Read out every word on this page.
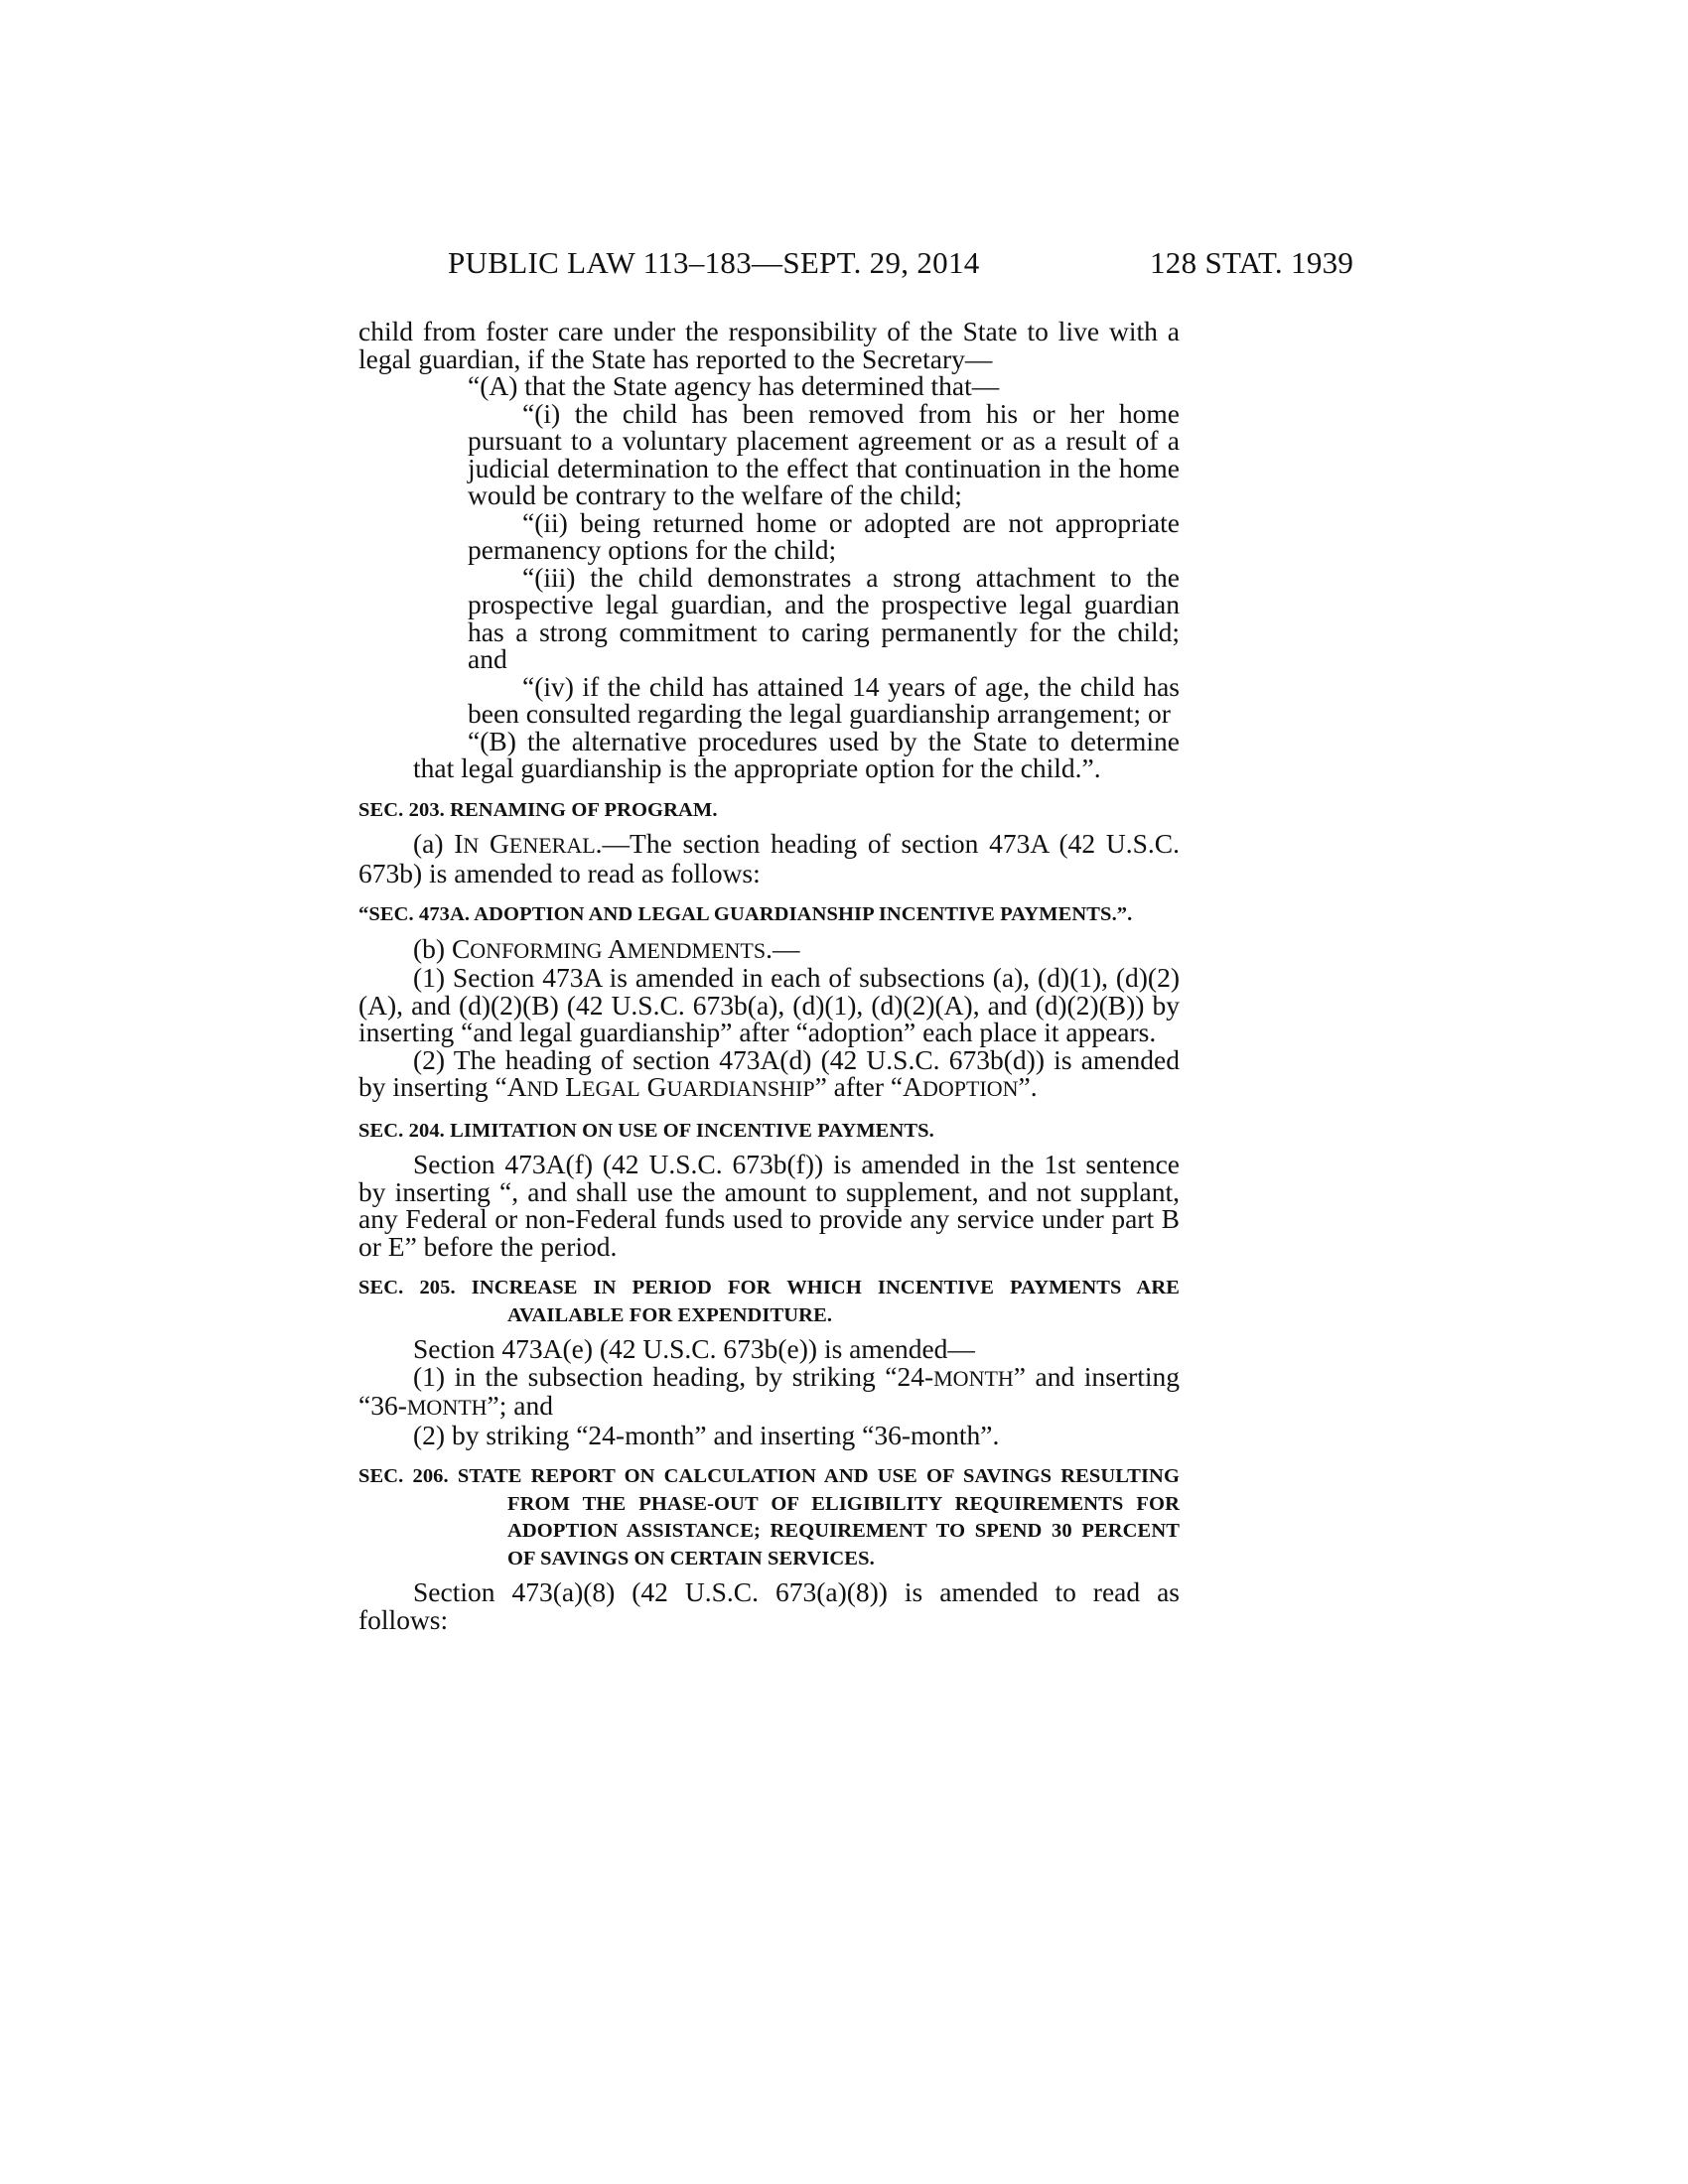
PUBLIC LAW 113–183—SEPT. 29, 2014	128 STAT. 1939

child from foster care under the responsibility of the State to live with a legal guardian, if the State has reported to the Secretary—

“(A) that the State agency has determined that—

“(i) the child has been removed from his or her home pursuant to a voluntary placement agreement or as a result of a judicial determination to the effect that continuation in the home would be contrary to the welfare of the child;

“(ii) being returned home or adopted are not appropriate permanency options for the child;

“(iii) the child demonstrates a strong attachment to the prospective legal guardian, and the prospective legal guardian has a strong commitment to caring permanently for the child; and

“(iv) if the child has attained 14 years of age, the child has been consulted regarding the legal guardianship arrangement; or

“(B) the alternative procedures used by the State to determine that legal guardianship is the appropriate option for the child.”.

SEC. 203. RENAMING OF PROGRAM.

(a) IN GENERAL.—The section heading of section 473A (42 U.S.C. 673b) is amended to read as follows:

“SEC. 473A. ADOPTION AND LEGAL GUARDIANSHIP INCENTIVE PAYMENTS.”.

(b) CONFORMING AMENDMENTS.—

(1) Section 473A is amended in each of subsections (a), (d)(1), (d)(2)(A), and (d)(2)(B) (42 U.S.C. 673b(a), (d)(1), (d)(2)(A), and (d)(2)(B)) by inserting “and legal guardianship” after “adoption” each place it appears.

(2) The heading of section 473A(d) (42 U.S.C. 673b(d)) is amended by inserting “AND LEGAL GUARDIANSHIP” after “ADOPTION”.

SEC. 204. LIMITATION ON USE OF INCENTIVE PAYMENTS.

Section 473A(f) (42 U.S.C. 673b(f)) is amended in the 1st sentence by inserting “, and shall use the amount to supplement, and not supplant, any Federal or non-Federal funds used to provide any service under part B or E” before the period.

SEC. 205. INCREASE IN PERIOD FOR WHICH INCENTIVE PAYMENTS ARE AVAILABLE FOR EXPENDITURE.

Section 473A(e) (42 U.S.C. 673b(e)) is amended—

(1) in the subsection heading, by striking “24-MONTH” and inserting “36-MONTH”; and

(2) by striking “24-month” and inserting “36-month”.

SEC. 206. STATE REPORT ON CALCULATION AND USE OF SAVINGS RESULTING FROM THE PHASE-OUT OF ELIGIBILITY REQUIREMENTS FOR ADOPTION ASSISTANCE; REQUIREMENT TO SPEND 30 PERCENT OF SAVINGS ON CERTAIN SERVICES.

Section 473(a)(8) (42 U.S.C. 673(a)(8)) is amended to read as follows:
